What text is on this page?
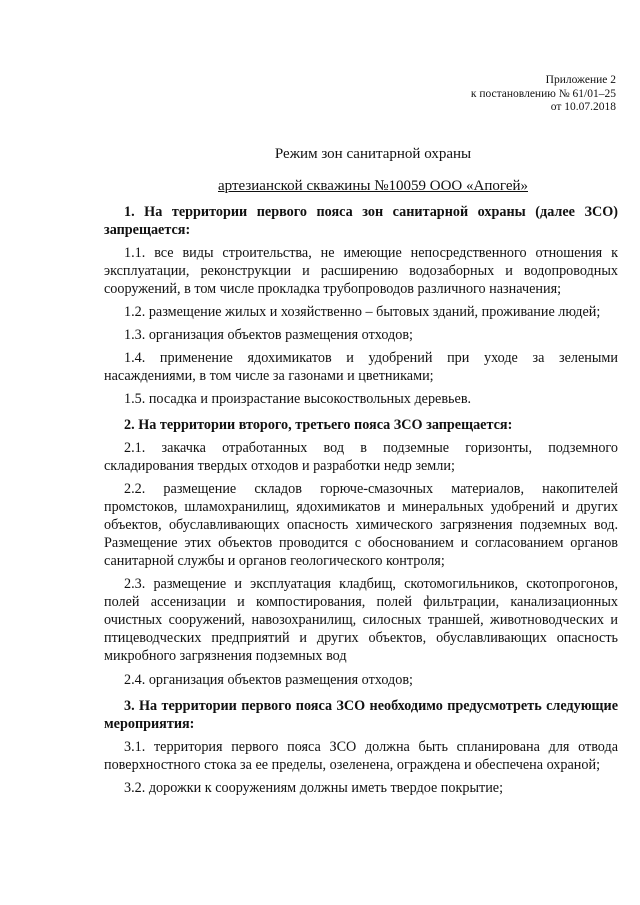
Приложение 2
к постановлению № 61/01–25
от 10.07.2018
Режим зон санитарной охраны
артезианской скважины №10059 ООО «Апогей»
1. На территории первого пояса зон санитарной охраны (далее ЗСО) запрещается:
1.1. все виды строительства, не имеющие непосредственного отношения к эксплуатации, реконструкции и расширению водозаборных и водопроводных сооружений, в том числе прокладка трубопроводов различного назначения;
1.2. размещение жилых и хозяйственно – бытовых зданий, проживание людей;
1.3. организация объектов размещения отходов;
1.4. применение ядохимикатов и удобрений при уходе за зелеными насаждениями, в том числе за газонами и цветниками;
1.5. посадка и произрастание высокоствольных деревьев.
2. На территории второго, третьего пояса ЗСО запрещается:
2.1. закачка отработанных вод в подземные горизонты, подземного складирования твердых отходов и разработки недр земли;
2.2. размещение складов горюче-смазочных материалов, накопителей промстоков, шламохранилищ, ядохимикатов и минеральных удобрений и других объектов, обуславливающих опасность химического загрязнения подземных вод. Размещение этих объектов проводится с обоснованием и согласованием органов санитарной службы и органов геологического контроля;
2.3. размещение и эксплуатация кладбищ, скотомогильников, скотопрогонов, полей ассенизации и компостирования, полей фильтрации, канализационных очистных сооружений, навозохранилищ, силосных траншей, животноводческих и птицеводческих предприятий и других объектов, обуславливающих опасность микробного загрязнения подземных вод
2.4. организация объектов размещения отходов;
3. На территории первого пояса ЗСО необходимо предусмотреть следующие мероприятия:
3.1. территория первого пояса ЗСО должна быть спланирована для отвода поверхностного стока за ее пределы, озеленена, ограждена и обеспечена охраной;
3.2. дорожки к сооружениям должны иметь твердое покрытие;
